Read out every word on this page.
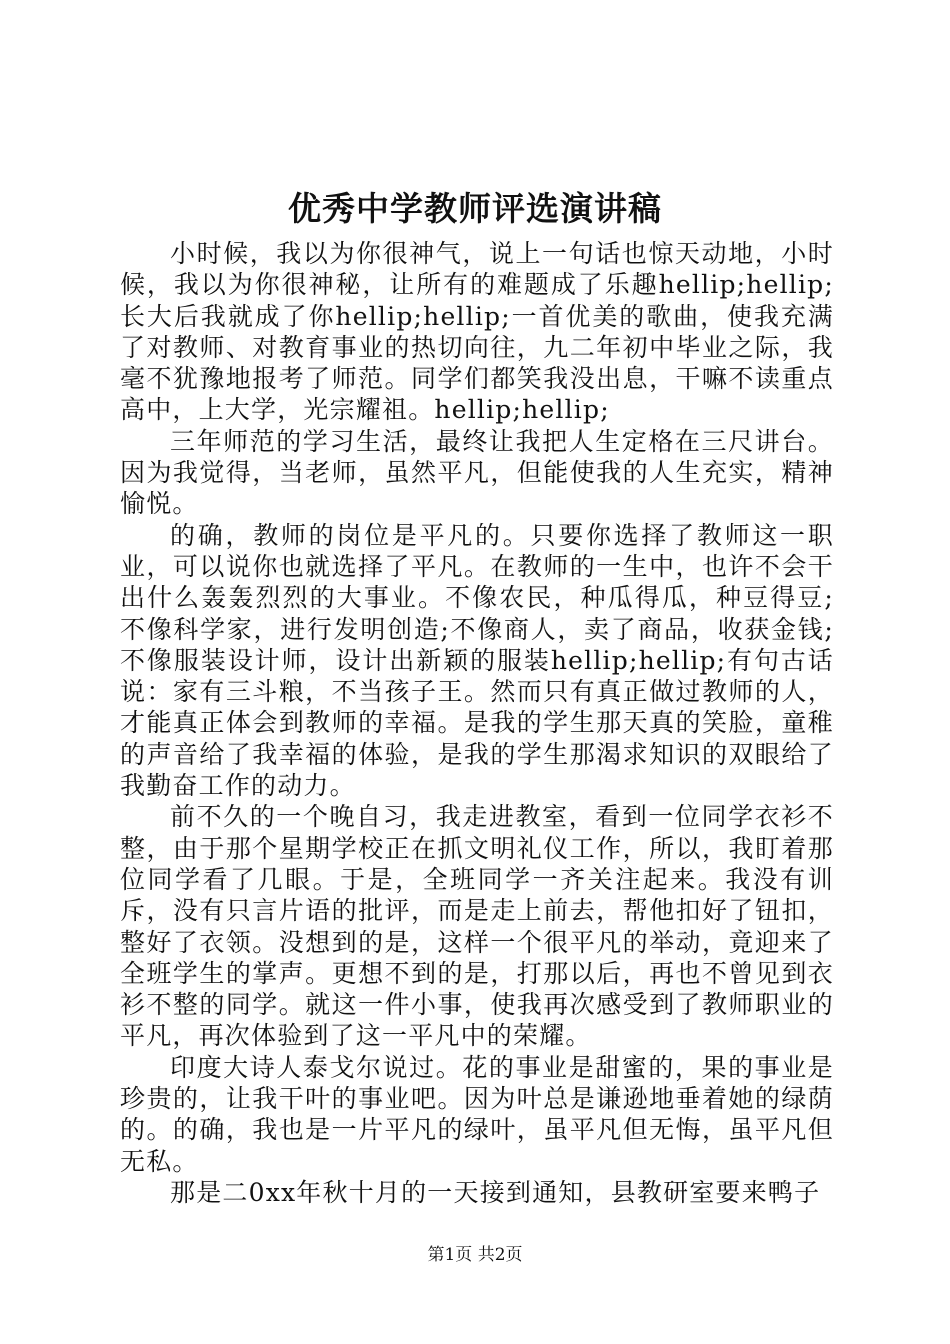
优秀中学教师评选演讲稿

小时候，我以为你很神气，说上一句话也惊天动地，小时候，我以为你很神秘，让所有的难题成了乐趣hellip;hellip;长大后我就成了你hellip;hellip;一首优美的歌曲，使我充满了对教师、对教育事业的热切向往，九二年初中毕业之际，我毫不犹豫地报考了师范。同学们都笑我没出息，干嘛不读重点高中，上大学，光宗耀祖。hellip;hellip;

三年师范的学习生活，最终让我把人生定格在三尺讲台。因为我觉得，当老师，虽然平凡，但能使我的人生充实，精神愉悦。

的确，教师的岗位是平凡的。只要你选择了教师这一职业，可以说你也就选择了平凡。在教师的一生中，也许不会干出什么轰轰烈烈的大事业。不像农民，种瓜得瓜，种豆得豆;不像科学家，进行发明创造;不像商人，卖了商品，收获金钱;不像服装设计师，设计出新颖的服装hellip;hellip;有句古话说：家有三斗粮，不当孩子王。然而只有真正做过教师的人，才能真正体会到教师的幸福。是我的学生那天真的笑脸，童稚的声音给了我幸福的体验，是我的学生那渴求知识的双眼给了我勤奋工作的动力。

前不久的一个晚自习，我走进教室，看到一位同学衣衫不整，由于那个星期学校正在抓文明礼仪工作，所以，我盯着那位同学看了几眼。于是，全班同学一齐关注起来。我没有训斥，没有只言片语的批评，而是走上前去，帮他扣好了钮扣，整好了衣领。没想到的是，这样一个很平凡的举动，竟迎来了全班学生的掌声。更想不到的是，打那以后，再也不曾见到衣衫不整的同学。就这一件小事，使我再次感受到了教师职业的平凡，再次体验到了这一平凡中的荣耀。

印度大诗人泰戈尔说过。花的事业是甜蜜的，果的事业是珍贵的，让我干叶的事业吧。因为叶总是谦逊地垂着她的绿荫的。的确，我也是一片平凡的绿叶，虽平凡但无悔，虽平凡但无私。

那是二0xx年秋十月的一天接到通知，县教研室要来鸭子

第1页 共2页
